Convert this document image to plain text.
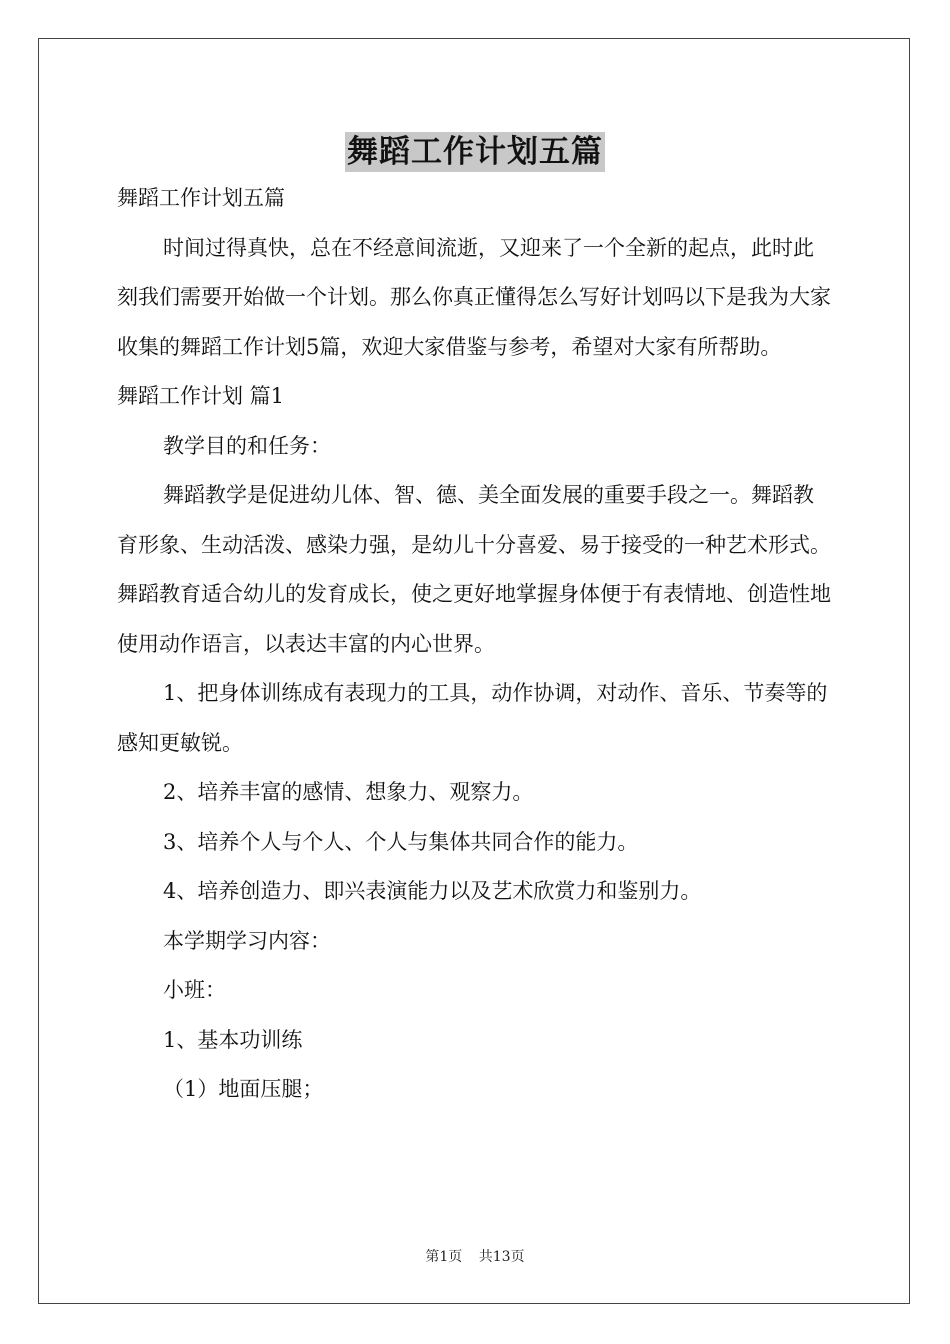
舞蹈工作计划五篇

舞蹈工作计划五篇

时间过得真快，总在不经意间流逝，又迎来了一个全新的起点，此时此刻我们需要开始做一个计划。那么你真正懂得怎么写好计划吗以下是我为大家收集的舞蹈工作计划5篇，欢迎大家借鉴与参考，希望对大家有所帮助。

舞蹈工作计划 篇1

教学目的和任务：

舞蹈教学是促进幼儿体、智、德、美全面发展的重要手段之一。舞蹈教育形象、生动活泼、感染力强，是幼儿十分喜爱、易于接受的一种艺术形式。舞蹈教育适合幼儿的发育成长，使之更好地掌握身体便于有表情地、创造性地使用动作语言，以表达丰富的内心世界。

1、把身体训练成有表现力的工具，动作协调，对动作、音乐、节奏等的感知更敏锐。

2、培养丰富的感情、想象力、观察力。

3、培养个人与个人、个人与集体共同合作的能力。

4、培养创造力、即兴表演能力以及艺术欣赏力和鉴别力。

本学期学习内容：

小班：

1、基本功训练

（1）地面压腿；

第1页 共13页
